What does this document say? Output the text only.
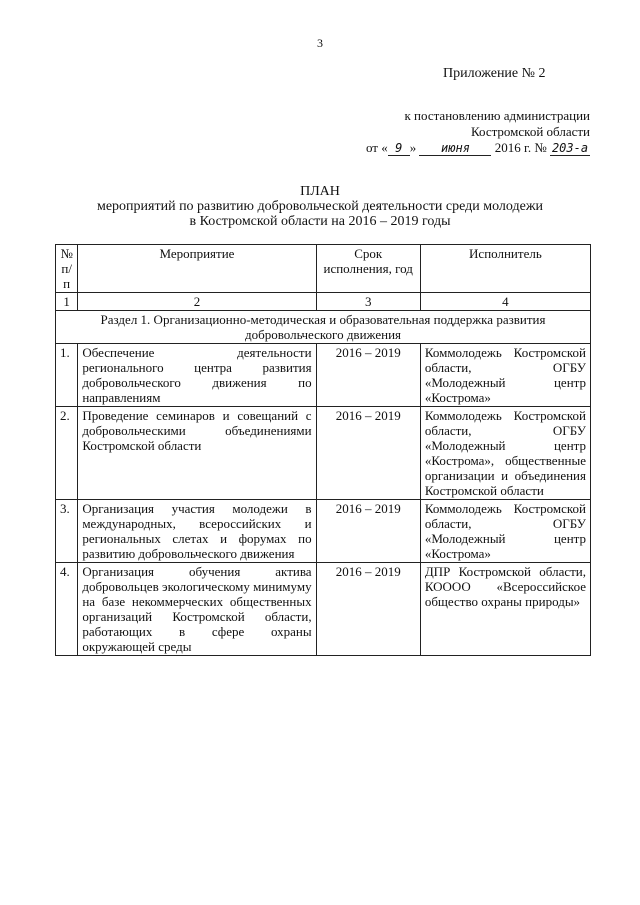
3
Приложение № 2
к постановлению администрации
Костромской области
от « 9 » июня 2016 г. № 203-а
ПЛАН
мероприятий по развитию добровольческой деятельности среди молодежи
в Костромской области на 2016 – 2019 годы
№ п/п	Мероприятие	Срок исполнения, год	Исполнитель
1	2	3	4
Раздел 1. Организационно-методическая и образовательная поддержка развития добровольческого движения			
1.	Обеспечение деятельности регионального центра развития добровольческого движения по направлениям	2016 – 2019	Коммолодежь Костромской области, ОГБУ «Молодежный центр «Кострома»
2.	Проведение семинаров и совещаний с добровольческими объединениями Костромской области	2016 – 2019	Коммолодежь Костромской области, ОГБУ «Молодежный центр «Кострома», общественные организации и объединения Костромской области
3.	Организация участия молодежи в международных, всероссийских и региональных слетах и форумах по развитию добровольческого движения	2016 – 2019	Коммолодежь Костромской области, ОГБУ «Молодежный центр «Кострома»
4.	Организация обучения актива добровольцев экологическому минимуму на базе некоммерческих общественных организаций Костромской области, работающих в сфере охраны окружающей среды	2016 – 2019	ДПР Костромской области, КОООО «Всероссийское общество охраны природы»
